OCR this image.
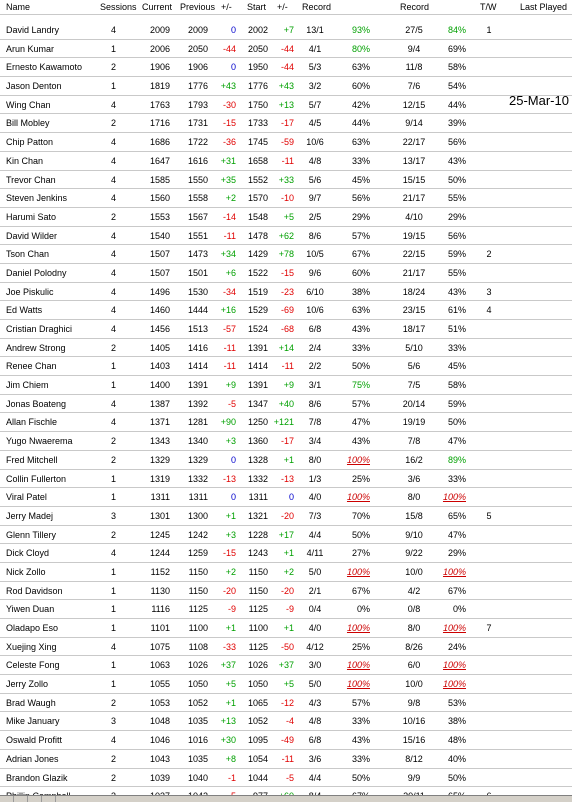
Name	Sessions Current Previous +/- Start +/- Record	Record	T/W	Last Played
David Landry	4	2009	2009	0	2002	+7	13/1	93%	27/5	84%	1
Arun Kumar	1	2006	2050	-44	2050	-44	4/1	80%	9/4	69%
Ernesto Kawamoto	2	1906	1906	0	1950	-44	5/3	63%	11/8	58%
Jason Denton	1	1819	1776	+43	1776	+43	3/2	60%	7/6	54%
Wing Chan	4	1763	1793	-30	1750	+13	5/7	42%	12/15	44%
Bill Mobley	2	1716	1731	-15	1733	-17	4/5	44%	9/14	39%
Chip Patton	4	1686	1722	-36	1745	-59	10/6	63%	22/17	56%
Kin Chan	4	1647	1616	+31	1658	-11	4/8	33%	13/17	43%
Trevor Chan	4	1585	1550	+35	1552	+33	5/6	45%	15/15	50%
Steven Jenkins	4	1560	1558	+2	1570	-10	9/7	56%	21/17	55%
Harumi Sato	2	1553	1567	-14	1548	+5	2/5	29%	4/10	29%
David Wilder	4	1540	1551	-11	1478	+62	8/6	57%	19/15	56%
Tson Chan	4	1507	1473	+34	1429	+78	10/5	67%	22/15	59%	2
Daniel Polodny	4	1507	1501	+6	1522	-15	9/6	60%	21/17	55%
Joe Piskulic	4	1496	1530	-34	1519	-23	6/10	38%	18/24	43%	3
Ed Watts	4	1460	1444	+16	1529	-69	10/6	63%	23/15	61%	4
Cristian Draghici	4	1456	1513	-57	1524	-68	6/8	43%	18/17	51%
Andrew Strong	2	1405	1416	-11	1391	+14	2/4	33%	5/10	33%
Renee Chan	1	1403	1414	-11	1414	-11	2/2	50%	5/6	45%
Jim Chiem	1	1400	1391	+9	1391	+9	3/1	75%	7/5	58%
Jonas Boateng	4	1387	1392	-5	1347	+40	8/6	57%	20/14	59%
Allan Fischle	4	1371	1281	+90	1250 +121	7/8	47%	19/19	50%
Yugo Nwaerema	2	1343	1340	+3	1360	-17	3/4	43%	7/8	47%
Fred Mitchell	2	1329	1329	0	1328	+1	8/0	100%	16/2	89%
Collin Fullerton	1	1319	1332	-13	1332	-13	1/3	25%	3/6	33%
Viral Patel	1	1311	1311	0	1311	0	4/0	100%	8/0	100%
Jerry Madej	3	1301	1300	+1	1321	-20	7/3	70%	15/8	65%	5
Glenn Tillery	2	1245	1242	+3	1228	+17	4/4	50%	9/10	47%
Dick Cloyd	4	1244	1259	-15	1243	+1	4/11	27%	9/22	29%
Nick Zollo	1	1152	1150	+2	1150	+2	5/0	100%	10/0	100%
Rod Davidson	1	1130	1150	-20	1150	-20	2/1	67%	4/2	67%
Yiwen Duan	1	1116	1125	-9	1125	-9	0/4	0%	0/8	0%
Oladapo Eso	1	1101	1100	+1	1100	+1	4/0	100%	8/0	100%	7
Xuejing Xing	4	1075	1108	-33	1125	-50	4/12	25%	8/26	24%
Celeste Fong	1	1063	1026	+37	1026	+37	3/0	100%	6/0	100%
Jerry Zollo	1	1055	1050	+5	1050	+5	5/0	100%	10/0	100%
Brad Waugh	2	1053	1052	+1	1065	-12	4/3	57%	9/8	53%
Mike January	3	1048	1035	+13	1052	-4	4/8	33%	10/16	38%
Oswald Profitt	4	1046	1016	+30	1095	-49	6/8	43%	15/16	48%
Adrian Jones	2	1043	1035	+8	1054	-11	3/6	33%	8/12	40%
Brandon Glazik	2	1039	1040	-1	1044	-5	4/4	50%	9/9	50%
25-Mar-10
